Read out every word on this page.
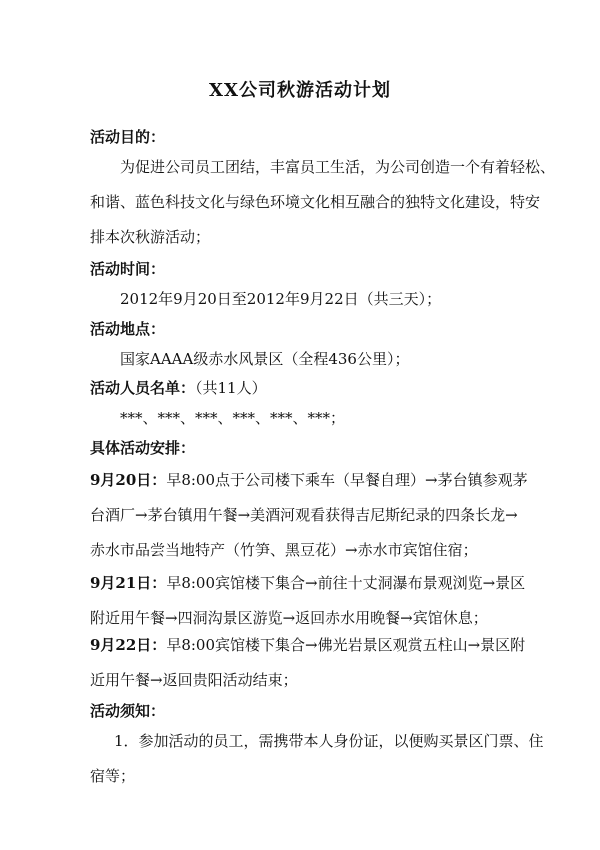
XX公司秋游活动计划
活动目的：
为促进公司员工团结，丰富员工生活，为公司创造一个有着轻松、
和谐、蓝色科技文化与绿色环境文化相互融合的独特文化建设，特安
排本次秋游活动；
活动时间：
2012年9月20日至2012年9月22日（共三天）；
活动地点：
国家AAAA级赤水风景区（全程436公里）；
活动人员名单：（共11人）
***、***、***、***、***、***；
具体活动安排：
9月20日：早8:00点于公司楼下乘车（早餐自理）→茅台镇参观茅
台酒厂→茅台镇用午餐→美酒河观看获得吉尼斯纪录的四条长龙→
赤水市品尝当地特产（竹笋、黑豆花）→赤水市宾馆住宿；
9月21日：早8:00宾馆楼下集合→前往十丈洞瀑布景观浏览→景区
附近用午餐→四洞沟景区游览→返回赤水用晚餐→宾馆休息；
9月22日：早8:00宾馆楼下集合→佛光岩景区观赏五柱山→景区附
近用午餐→返回贵阳活动结束；
活动须知：
1．参加活动的员工，需携带本人身份证，以便购买景区门票、住
宿等；
